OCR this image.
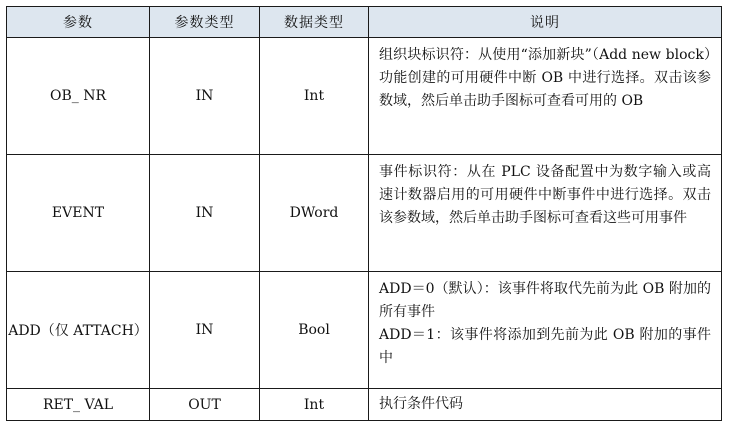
参数	参数类型	数据类型	说明
OB_ NR	IN	Int	组织块标识符：从使用“添加新块”（Add new block）功能创建的可用硬件中断 OB 中进行选择。双击该参数域，然后单击助手图标可查看可用的 OB

EVENT	IN	DWord	事件标识符：从在 PLC 设备配置中为数字输入或高速计数器启用的可用硬件中断事件中进行选择。双击该参数域，然后单击助手图标可查看这些可用事件

ADD（仅 ATTACH）	IN	Bool	ADD＝0（默认）：该事件将取代先前为此 OB 附加的所有事件
ADD＝1：该事件将添加到先前为此 OB 附加的事件中

RET_ VAL	OUT	Int	执行条件代码
